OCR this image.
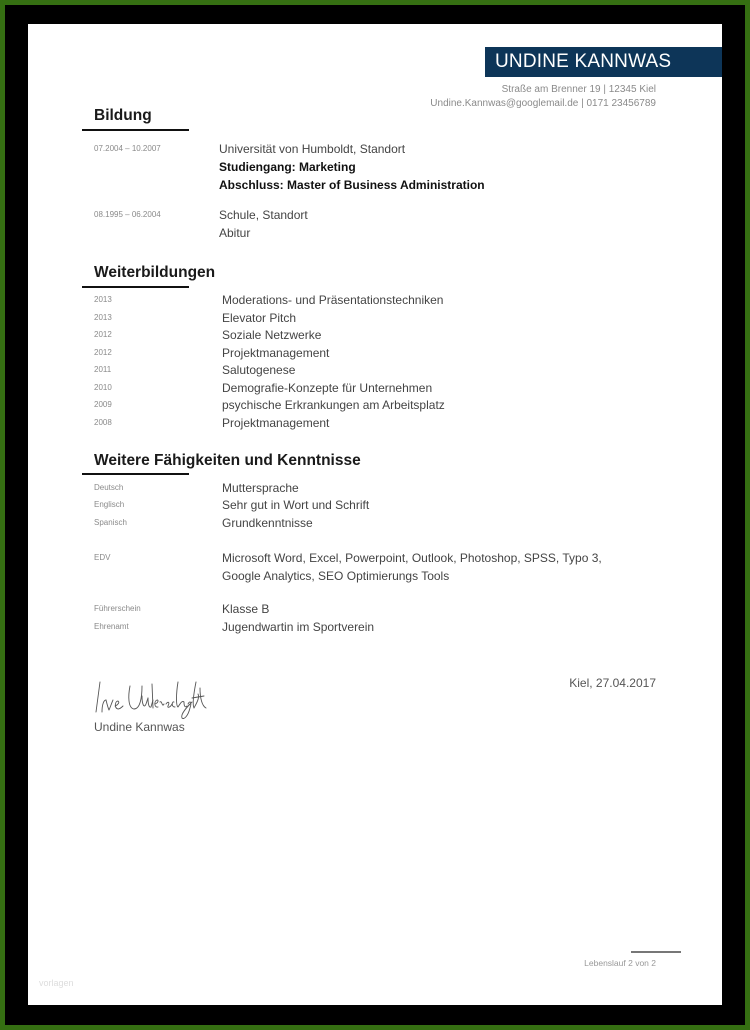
UNDINE KANNWAS
Straße am Brenner 19 | 12345 Kiel
Undine.Kannwas@googlemail.de | 0171 23456789
Bildung
07.2004 – 10.2007	Universität von Humboldt, Standort
Studiengang: Marketing
Abschluss: Master of Business Administration
08.1995 – 06.2004	Schule, Standort
Abitur
Weiterbildungen
2013	Moderations- und Präsentationstechniken
2013	Elevator Pitch
2012	Soziale Netzwerke
2012	Projektmanagement
2011	Salutogenese
2010	Demografie-Konzepte für Unternehmen
2009	psychische Erkrankungen am Arbeitsplatz
2008	Projektmanagement
Weitere Fähigkeiten und Kenntnisse
Deutsch	Muttersprache
Englisch	Sehr gut in Wort und Schrift
Spanisch	Grundkenntnisse
EDV	Microsoft Word, Excel, Powerpoint, Outlook, Photoshop, SPSS, Typo 3,
Google Analytics, SEO Optimierungs Tools
Führerschein	Klasse B
Ehrenamt	Jugendwartin im Sportverein
Kiel, 27.04.2017
Undine Kannwas
Lebenslauf 2 von 2
vorlagen
